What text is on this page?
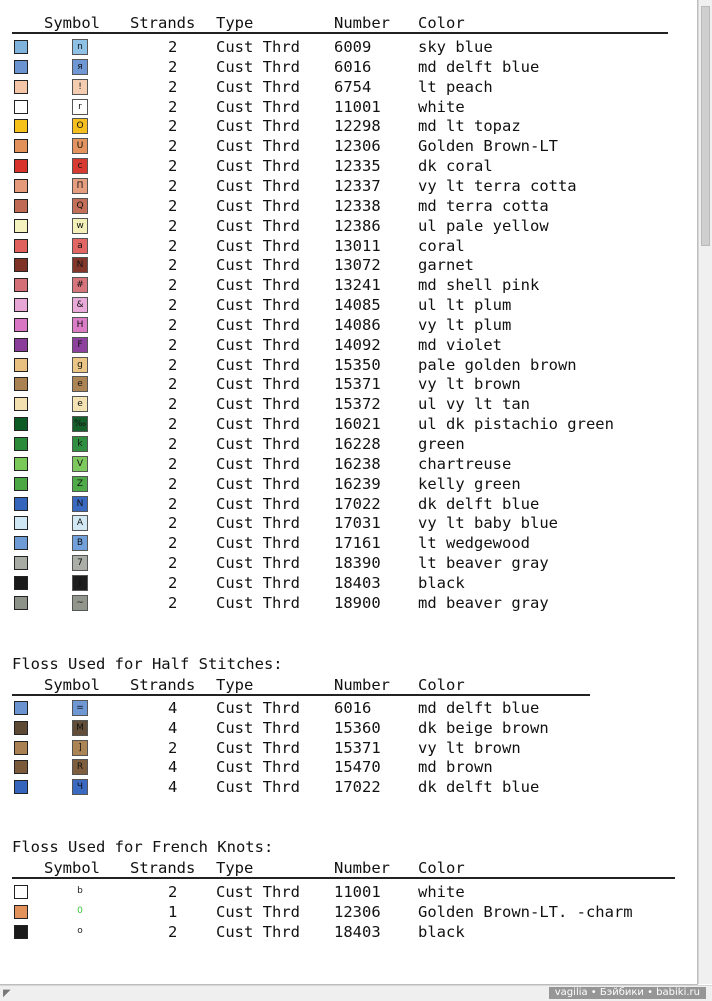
Symbol Strands Type	Number Color
n	2 Cust Thrd 6009	sky blue
я	2 Cust Thrd 6016	md delft blue
!	2 Cust Thrd 6754	lt peach
r	2 Cust Thrd 11001 white
O	2 Cust Thrd 12298 md lt topaz
U	2 Cust Thrd 12306 Golden Brown-LT
c	2 Cust Thrd 12335 dk coral
П	2 Cust Thrd 12337 vy lt terra cotta
Q	2 Cust Thrd 12338 md terra cotta
w	2 Cust Thrd 12386 ul pale yellow
a	2 Cust Thrd 13011 coral
N	2 Cust Thrd 13072 garnet
#	2 Cust Thrd 13241 md shell pink
&	2 Cust Thrd 14085 ul lt plum
H	2 Cust Thrd 14086 vy lt plum
F	2 Cust Thrd 14092 md violet
g	2 Cust Thrd 15350 pale golden brown
e	2 Cust Thrd 15371 vy lt brown
e	2 Cust Thrd 15372 ul vy lt tan
‰	2 Cust Thrd 16021 ul dk pistachio green
k	2 Cust Thrd 16228 green
V	2 Cust Thrd 16238 chartreuse
Z	2 Cust Thrd 16239 kelly green
N	2 Cust Thrd 17022 dk delft blue
A	2 Cust Thrd 17031 vy lt baby blue
B	2 Cust Thrd 17161 lt wedgewood
7	2 Cust Thrd 18390 lt beaver gray
J	2 Cust Thrd 18403 black
~	2 Cust Thrd 18900 md beaver gray
Floss Used for Half Stitches:
Symbol Strands Type	Number Color
=	4 Cust Thrd 6016	md delft blue
M	4 Cust Thrd 15360 dk beige brown
]	2 Cust Thrd 15371 vy lt brown
R	4 Cust Thrd 15470 md brown
Ч	4 Cust Thrd 17022 dk delft blue
Floss Used for French Knots:
Symbol Strands Type	Number Color
b	2 Cust Thrd 11001 white
0	1 Cust Thrd 12306 Golden Brown-LT. -charm
o	2 Cust Thrd 18403 black
◤	vagilia • Бэйбики • babiki.ru
